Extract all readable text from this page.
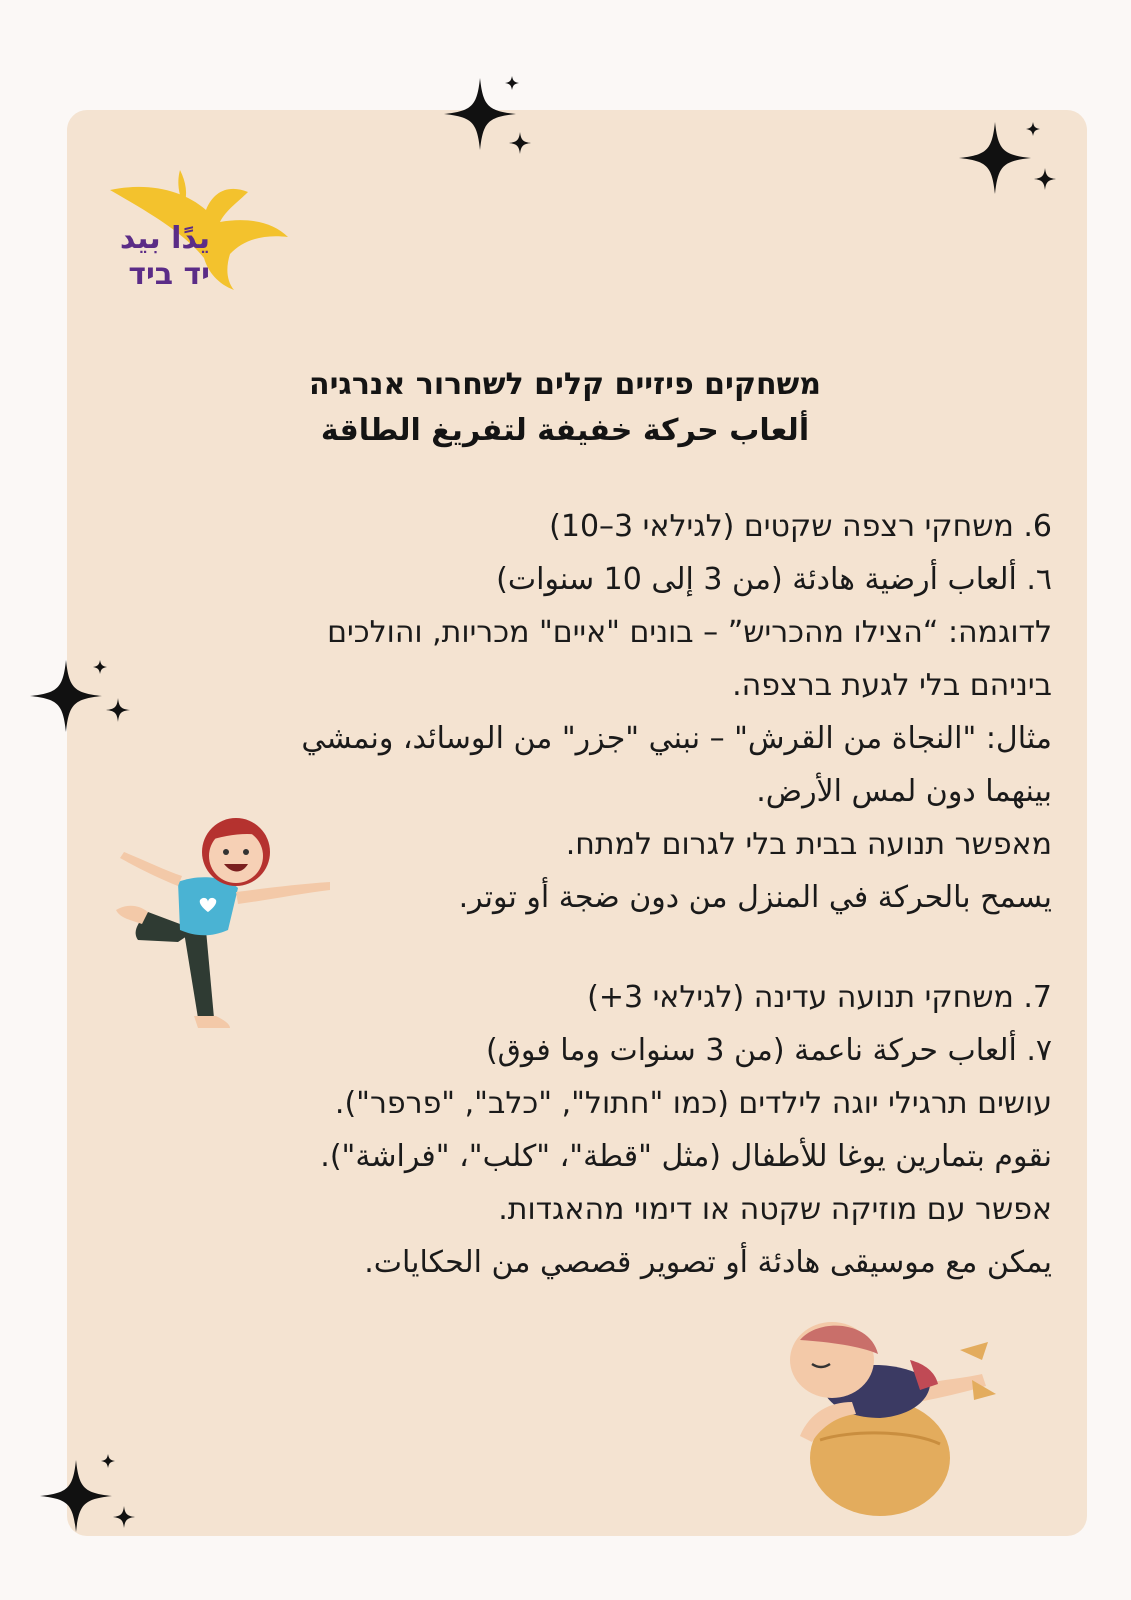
يدًا بيد
יד ביד
משחקים פיזיים קלים לשחרור אנרגיה
ألعاب حركة خفيفة لتفريغ الطاقة

6. משחקי רצפה שקטים (לגילאי 3–10)

٦. ألعاب أرضية هادئة (من 3 إلى 10 سنوات)

לדוגמה: “הצילו מהכריש” – בונים "איים" מכריות, והולכים

ביניהם בלי לגעת ברצפה.

مثال: "النجاة من القرش" – نبني "جزر" من الوسائد، ونمشي

بينهما دون لمس الأرض.

מאפשר תנועה בבית בלי לגרום למתח.

يسمح بالحركة في المنزل من دون ضجة أو توتر.

7. משחקי תנועה עדינה (לגילאי 3+)

٧. ألعاب حركة ناعمة (من 3 سنوات وما فوق)

עושים תרגילי יוגה לילדים (כמו "חתול", "כלב", "פרפר").

نقوم بتمارين يوغا للأطفال (مثل "قطة"، "كلب"، "فراشة").

אפשר עם מוזיקה שקטה או דימוי מהאגדות.

يمكن مع موسيقى هادئة أو تصوير قصصي من الحكايات.
